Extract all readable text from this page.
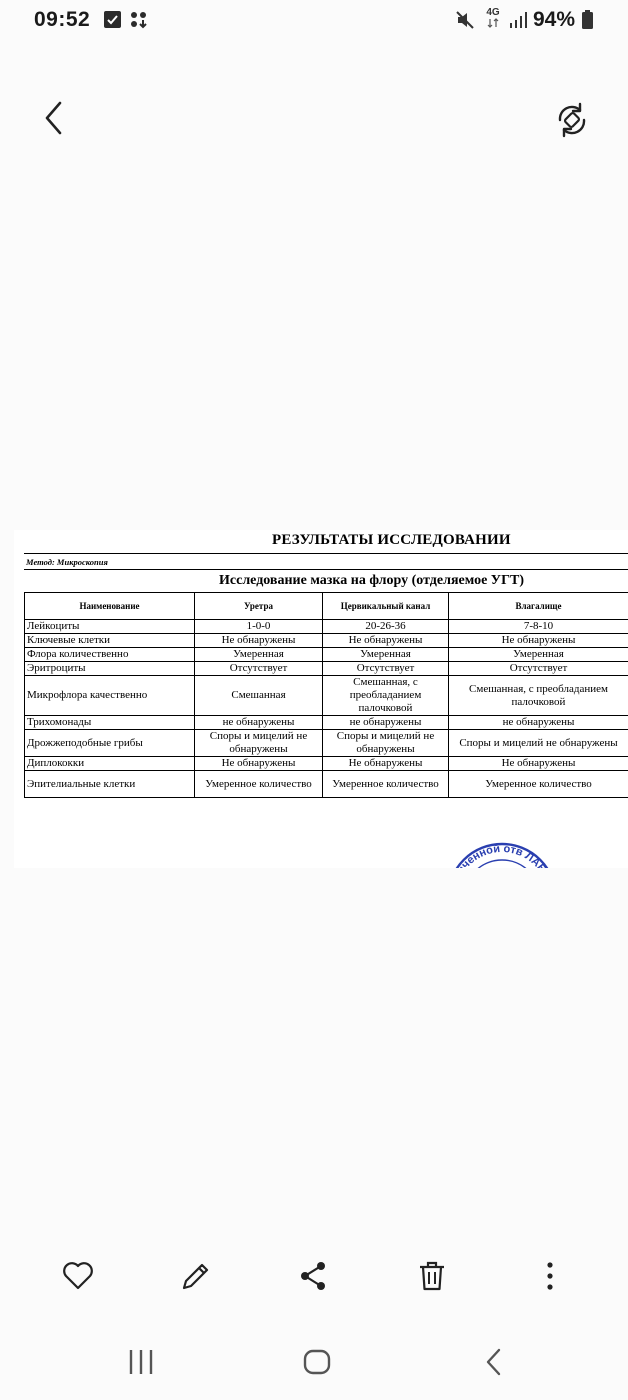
09:52	4G 94%
РЕЗУЛЬТАТЫ ИССЛЕДОВАНИИ
Метод: Микроскопия
Исследование мазка на флору (отделяемое УГТ)
Наименование	Уретра	Цервикальный канал	Влагалище
Лейкоциты	1-0-0	20-26-36	7-8-10
Ключевые клетки	Не обнаружены	Не обнаружены	Не обнаружены
Флора количественно	Умеренная	Умеренная	Умеренная
Эритроциты	Отсутствует	Отсутствует	Отсутствует
Микрофлора качественно	Смешанная	Смешанная, с преобладанием палочковой	Смешанная, с преобладанием палочковой
Трихомонады	не обнаружены	не обнаружены	не обнаружены
Дрожжеподобные грибы	Споры и мицелий не обнаружены	Споры и мицелий не обнаружены	Споры и мицелий не обнаружены
Диплококки	Не обнаружены	Не обнаружены	Не обнаружены
Эпителиальные клетки	Умеренное количество	Умеренное количество	Умеренное количество
аниченной отв ЛАБ-Ис
